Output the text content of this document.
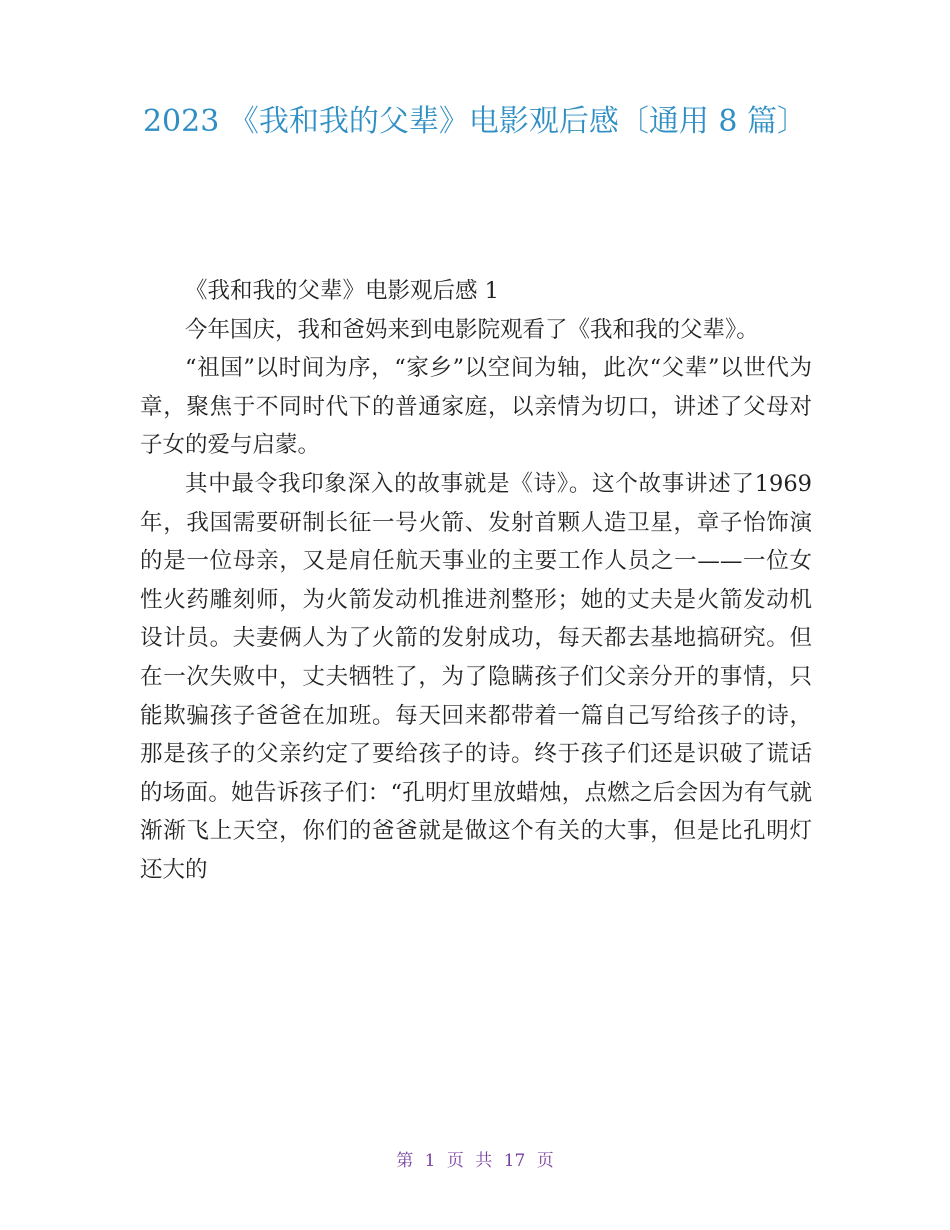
2023 《我和我的父辈》电影观后感〔通用 8 篇〕

《我和我的父辈》电影观后感 1

今年国庆，我和爸妈来到电影院观看了《我和我的父辈》。

“祖国”以时间为序，“家乡”以空间为轴，此次“父辈”以世代为章，聚焦于不同时代下的普通家庭，以亲情为切口，讲述了父母对子女的爱与启蒙。

其中最令我印象深入的故事就是《诗》。这个故事讲述了1969 年，我国需要研制长征一号火箭、发射首颗人造卫星，章子怡饰演的是一位母亲，又是肩任航天事业的主要工作人员之一——一位女性火药雕刻师，为火箭发动机推进剂整形；她的丈夫是火箭发动机设计员。夫妻俩人为了火箭的发射成功，每天都去基地搞研究。但在一次失败中，丈夫牺牲了，为了隐瞒孩子们父亲分开的事情，只能欺骗孩子爸爸在加班。每天回来都带着一篇自己写给孩子的诗，那是孩子的父亲约定了要给孩子的诗。终于孩子们还是识破了谎话的场面。她告诉孩子们：“孔明灯里放蜡烛，点燃之后会因为有气就渐渐飞上天空，你们的爸爸就是做这个有关的大事，但是比孔明灯还大的

第 1 页 共 17 页
